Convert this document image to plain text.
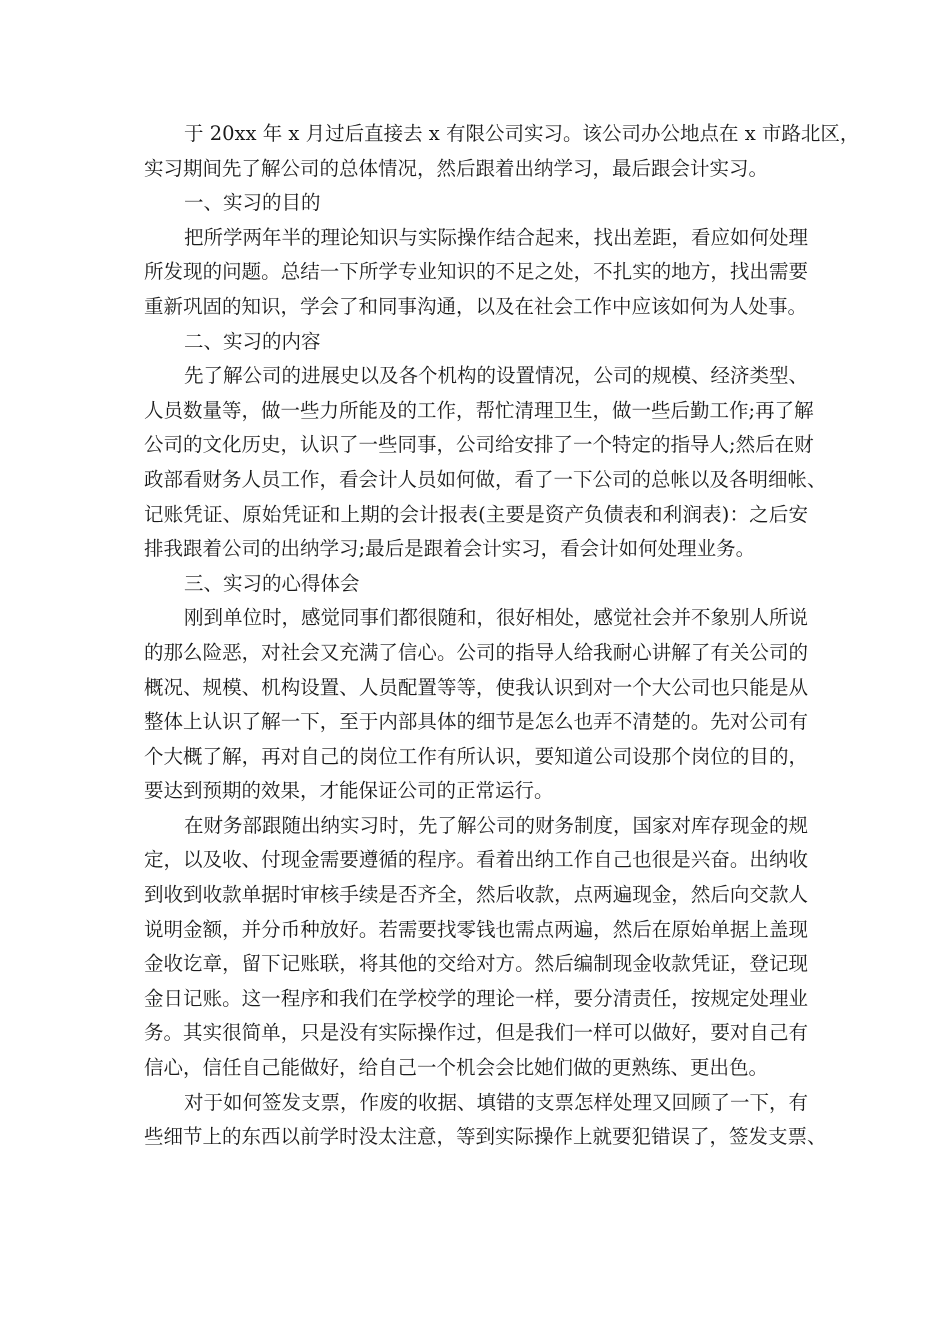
于 20xx 年 x 月过后直接去 x 有限公司实习。该公司办公地点在 x 市路北区，
实习期间先了解公司的总体情况，然后跟着出纳学习，最后跟会计实习。
一、实习的目的
把所学两年半的理论知识与实际操作结合起来，找出差距，看应如何处理
所发现的问题。总结一下所学专业知识的不足之处，不扎实的地方，找出需要
重新巩固的知识，学会了和同事沟通，以及在社会工作中应该如何为人处事。
二、实习的内容
先了解公司的进展史以及各个机构的设置情况，公司的规模、经济类型、
人员数量等，做一些力所能及的工作，帮忙清理卫生，做一些后勤工作;再了解
公司的文化历史，认识了一些同事，公司给安排了一个特定的指导人;然后在财
政部看财务人员工作，看会计人员如何做，看了一下公司的总帐以及各明细帐、
记账凭证、原始凭证和上期的会计报表(主要是资产负债表和利润表)：之后安
排我跟着公司的出纳学习;最后是跟着会计实习，看会计如何处理业务。
三、实习的心得体会
刚到单位时，感觉同事们都很随和，很好相处，感觉社会并不象别人所说
的那么险恶，对社会又充满了信心。公司的指导人给我耐心讲解了有关公司的
概况、规模、机构设置、人员配置等等，使我认识到对一个大公司也只能是从
整体上认识了解一下，至于内部具体的细节是怎么也弄不清楚的。先对公司有
个大概了解，再对自己的岗位工作有所认识，要知道公司设那个岗位的目的，
要达到预期的效果，才能保证公司的正常运行。
在财务部跟随出纳实习时，先了解公司的财务制度，国家对库存现金的规
定，以及收、付现金需要遵循的程序。看着出纳工作自己也很是兴奋。出纳收
到收到收款单据时审核手续是否齐全，然后收款，点两遍现金，然后向交款人
说明金额，并分币种放好。若需要找零钱也需点两遍，然后在原始单据上盖现
金收讫章，留下记账联，将其他的交给对方。然后编制现金收款凭证，登记现
金日记账。这一程序和我们在学校学的理论一样，要分清责任，按规定处理业
务。其实很简单，只是没有实际操作过，但是我们一样可以做好，要对自己有
信心，信任自己能做好，给自己一个机会会比她们做的更熟练、更出色。
对于如何签发支票，作废的收据、填错的支票怎样处理又回顾了一下，有
些细节上的东西以前学时没太注意，等到实际操作上就要犯错误了，签发支票、
